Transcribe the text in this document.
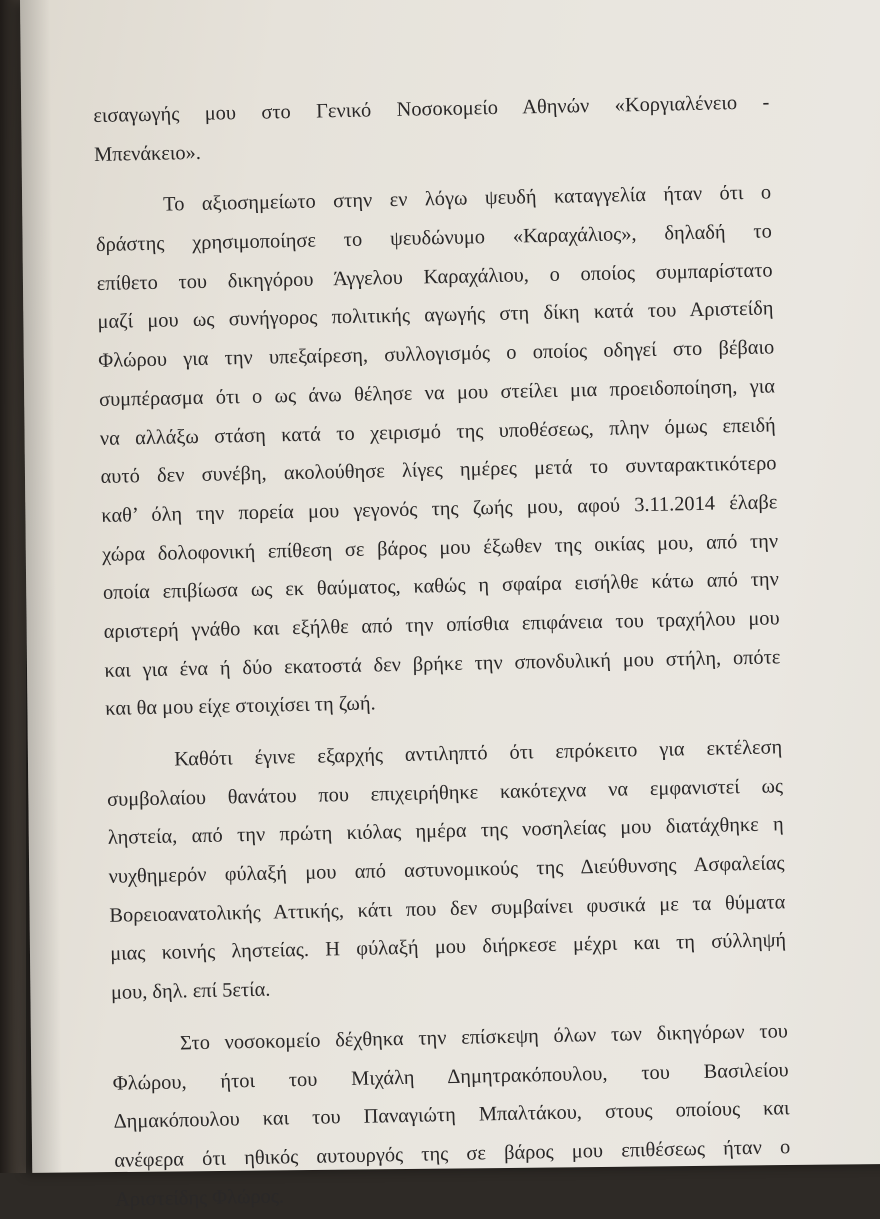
εισαγωγής μου στο Γενικό Νοσοκομείο Αθηνών «Κοργιαλένειο -
Μπενάκειο».
Το αξιοσημείωτο στην εν λόγω ψευδή καταγγελία ήταν ότι ο
δράστης χρησιμοποίησε το ψευδώνυμο «Καραχάλιος», δηλαδή το
επίθετο του δικηγόρου Άγγελου Καραχάλιου, ο οποίος συμπαρίστατο
μαζί μου ως συνήγορος πολιτικής αγωγής στη δίκη κατά του Αριστείδη
Φλώρου για την υπεξαίρεση, συλλογισμός ο οποίος οδηγεί στο βέβαιο
συμπέρασμα ότι ο ως άνω θέλησε να μου στείλει μια προειδοποίηση, για
να αλλάξω στάση κατά το χειρισμό της υποθέσεως, πλην όμως επειδή
αυτό δεν συνέβη, ακολούθησε λίγες ημέρες μετά το συνταρακτικότερο
καθ’ όλη την πορεία μου γεγονός της ζωής μου, αφού 3.11.2014 έλαβε
χώρα δολοφονική επίθεση σε βάρος μου έξωθεν της οικίας μου, από την
οποία επιβίωσα ως εκ θαύματος, καθώς η σφαίρα εισήλθε κάτω από την
αριστερή γνάθο και εξήλθε από την οπίσθια επιφάνεια του τραχήλου μου
και για ένα ή δύο εκατοστά δεν βρήκε την σπονδυλική μου στήλη, οπότε
και θα μου είχε στοιχίσει τη ζωή.
Καθότι έγινε εξαρχής αντιληπτό ότι επρόκειτο για εκτέλεση
συμβολαίου θανάτου που επιχειρήθηκε κακότεχνα να εμφανιστεί ως
ληστεία, από την πρώτη κιόλας ημέρα της νοσηλείας μου διατάχθηκε η
νυχθημερόν φύλαξή μου από αστυνομικούς της Διεύθυνσης Ασφαλείας
Βορειοανατολικής Αττικής, κάτι που δεν συμβαίνει φυσικά με τα θύματα
μιας κοινής ληστείας. Η φύλαξή μου διήρκεσε μέχρι και τη σύλληψή
μου, δηλ. επί 5ετία.
Στο νοσοκομείο δέχθηκα την επίσκεψη όλων των δικηγόρων του
Φλώρου, ήτοι του Μιχάλη Δημητρακόπουλου, του Βασιλείου
Δημακόπουλου και του Παναγιώτη Μπαλτάκου, στους οποίους και
ανέφερα ότι ηθικός αυτουργός της σε βάρος μου επιθέσεως ήταν ο
Αριστείδης Φλώρος.
